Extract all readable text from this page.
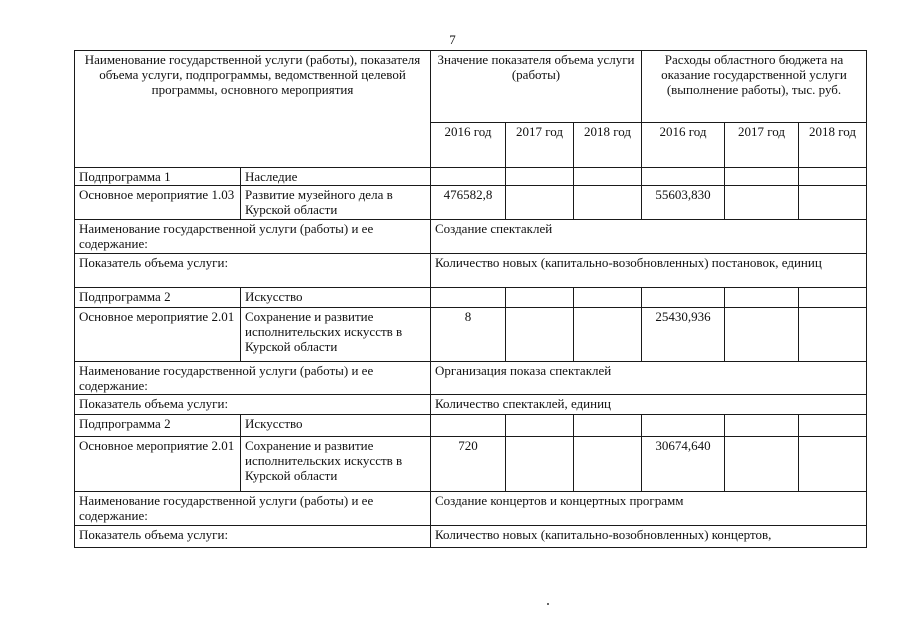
7
Наименование государственной услуги (работы), показателя объема услуги, подпрограммы, ведомственной целевой программы, основного мероприятия		Значение показателя объема услуги (работы)			Расходы областного бюджета на оказание государственной услуги (выполнение работы), тыс. руб.		
		2016 год	2017 год	2018 год	2016 год	2017 год	2018 год
Подпрограмма 1	Наследие						
Основное мероприятие 1.03	Развитие музейного дела в Курской области	476582,8			55603,830		
Наименование государственной услуги (работы) и ее содержание:		Создание спектаклей					
Показатель объема услуги:		Количество новых (капитально-возобновленных) постановок, единиц					
Подпрограмма 2	Искусство						
Основное мероприятие 2.01	Сохранение и развитие исполнительских искусств в Курской области	8			25430,936		
Наименование государственной услуги (работы) и ее содержание:		Организация показа спектаклей					
Показатель объема услуги:		Количество спектаклей, единиц					
Подпрограмма 2	Искусство						
Основное мероприятие 2.01	Сохранение и развитие исполнительских искусств в Курской области	720			30674,640		
Наименование государственной услуги (работы) и ее содержание:		Создание концертов и концертных программ					
Показатель объема услуги:		Количество новых (капитально-возобновленных) концертов,					
